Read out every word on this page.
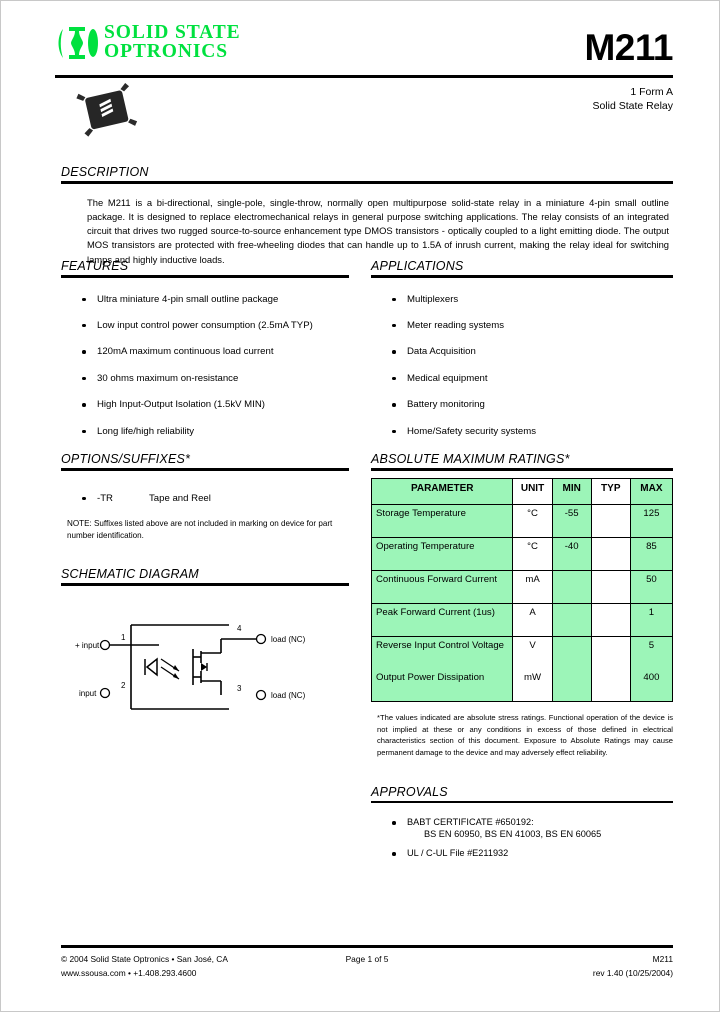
SOLID STATE
OPTRONICS	M211
1 Form A
Solid State Relay
DESCRIPTION
The M211 is a bi-directional, single-pole, single-throw, normally open multipurpose solid-state relay in a miniature 4-pin small outline package. It is designed to replace electromechanical relays in general purpose switching applications. The relay consists of an integrated circuit that drives two rugged source-to-source enhancement type DMOS transistors - optically coupled to a light emitting diode. The output MOS transistors are protected with free-wheeling diodes that can handle up to 1.5A of inrush current, making the relay ideal for switching lamps and highly inductive loads.
FEATURES
Ultra miniature 4-pin small outline package
Low input control power consumption (2.5mA TYP)
120mA maximum continuous load current
30 ohms maximum on-resistance
High Input-Output Isolation (1.5kV MIN)
Long life/high reliability
OPTIONS/SUFFIXES*
-TR	Tape and Reel
NOTE: Suffixes listed above are not included in marking on device for part number identification.
SCHEMATIC DIAGRAM
+ input
1
input
2
4
load (NC)
3
load (NC)
APPLICATIONS
Multiplexers
Meter reading systems
Data Acquisition
Medical equipment
Battery monitoring
Home/Safety security systems
ABSOLUTE MAXIMUM RATINGS*
PARAMETER	UNIT	MIN	TYP	MAX
Storage Temperature	°C	-55		125
Operating Temperature	°C	-40		85
Continuous Forward Current	mA			50
Peak Forward Current (1us)	A			1
Reverse Input Control Voltage	V			5
Output Power Dissipation	mW			400
*The values indicated are absolute stress ratings. Functional operation of the device is not implied at these or any conditions in excess of those defined in electrical characteristics section of this document. Exposure to Absolute Ratings may cause permanent damage to the device and may adversely effect reliability.
APPROVALS
BABT CERTIFICATE #650192:
BS EN 60950, BS EN 41003, BS EN 60065
UL / C-UL File #E211932
© 2004 Solid State Optronics • San José, CA	Page 1 of 5	M211
www.ssousa.com • +1.408.293.4600	rev 1.40 (10/25/2004)
